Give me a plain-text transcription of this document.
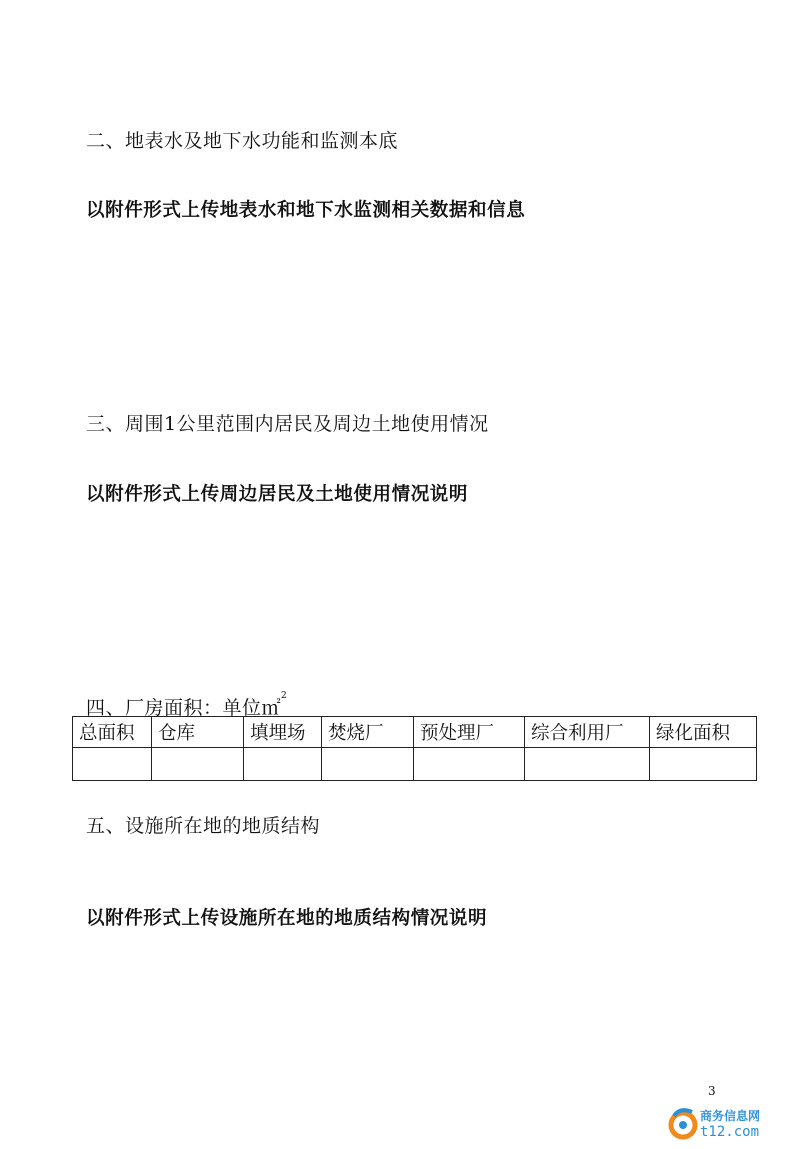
二、地表水及地下水功能和监测本底
以附件形式上传地表水和地下水监测相关数据和信息
三、周围1公里范围内居民及周边土地使用情况
以附件形式上传周边居民及土地使用情况说明
四、厂房面积：单位㎡$^2$
总面积	仓库	填埋场	焚烧厂	预处理厂	综合利用厂	绿化面积

五、设施所在地的地质结构
以附件形式上传设施所在地的地质结构情况说明
3
商务信息网
t12.com
